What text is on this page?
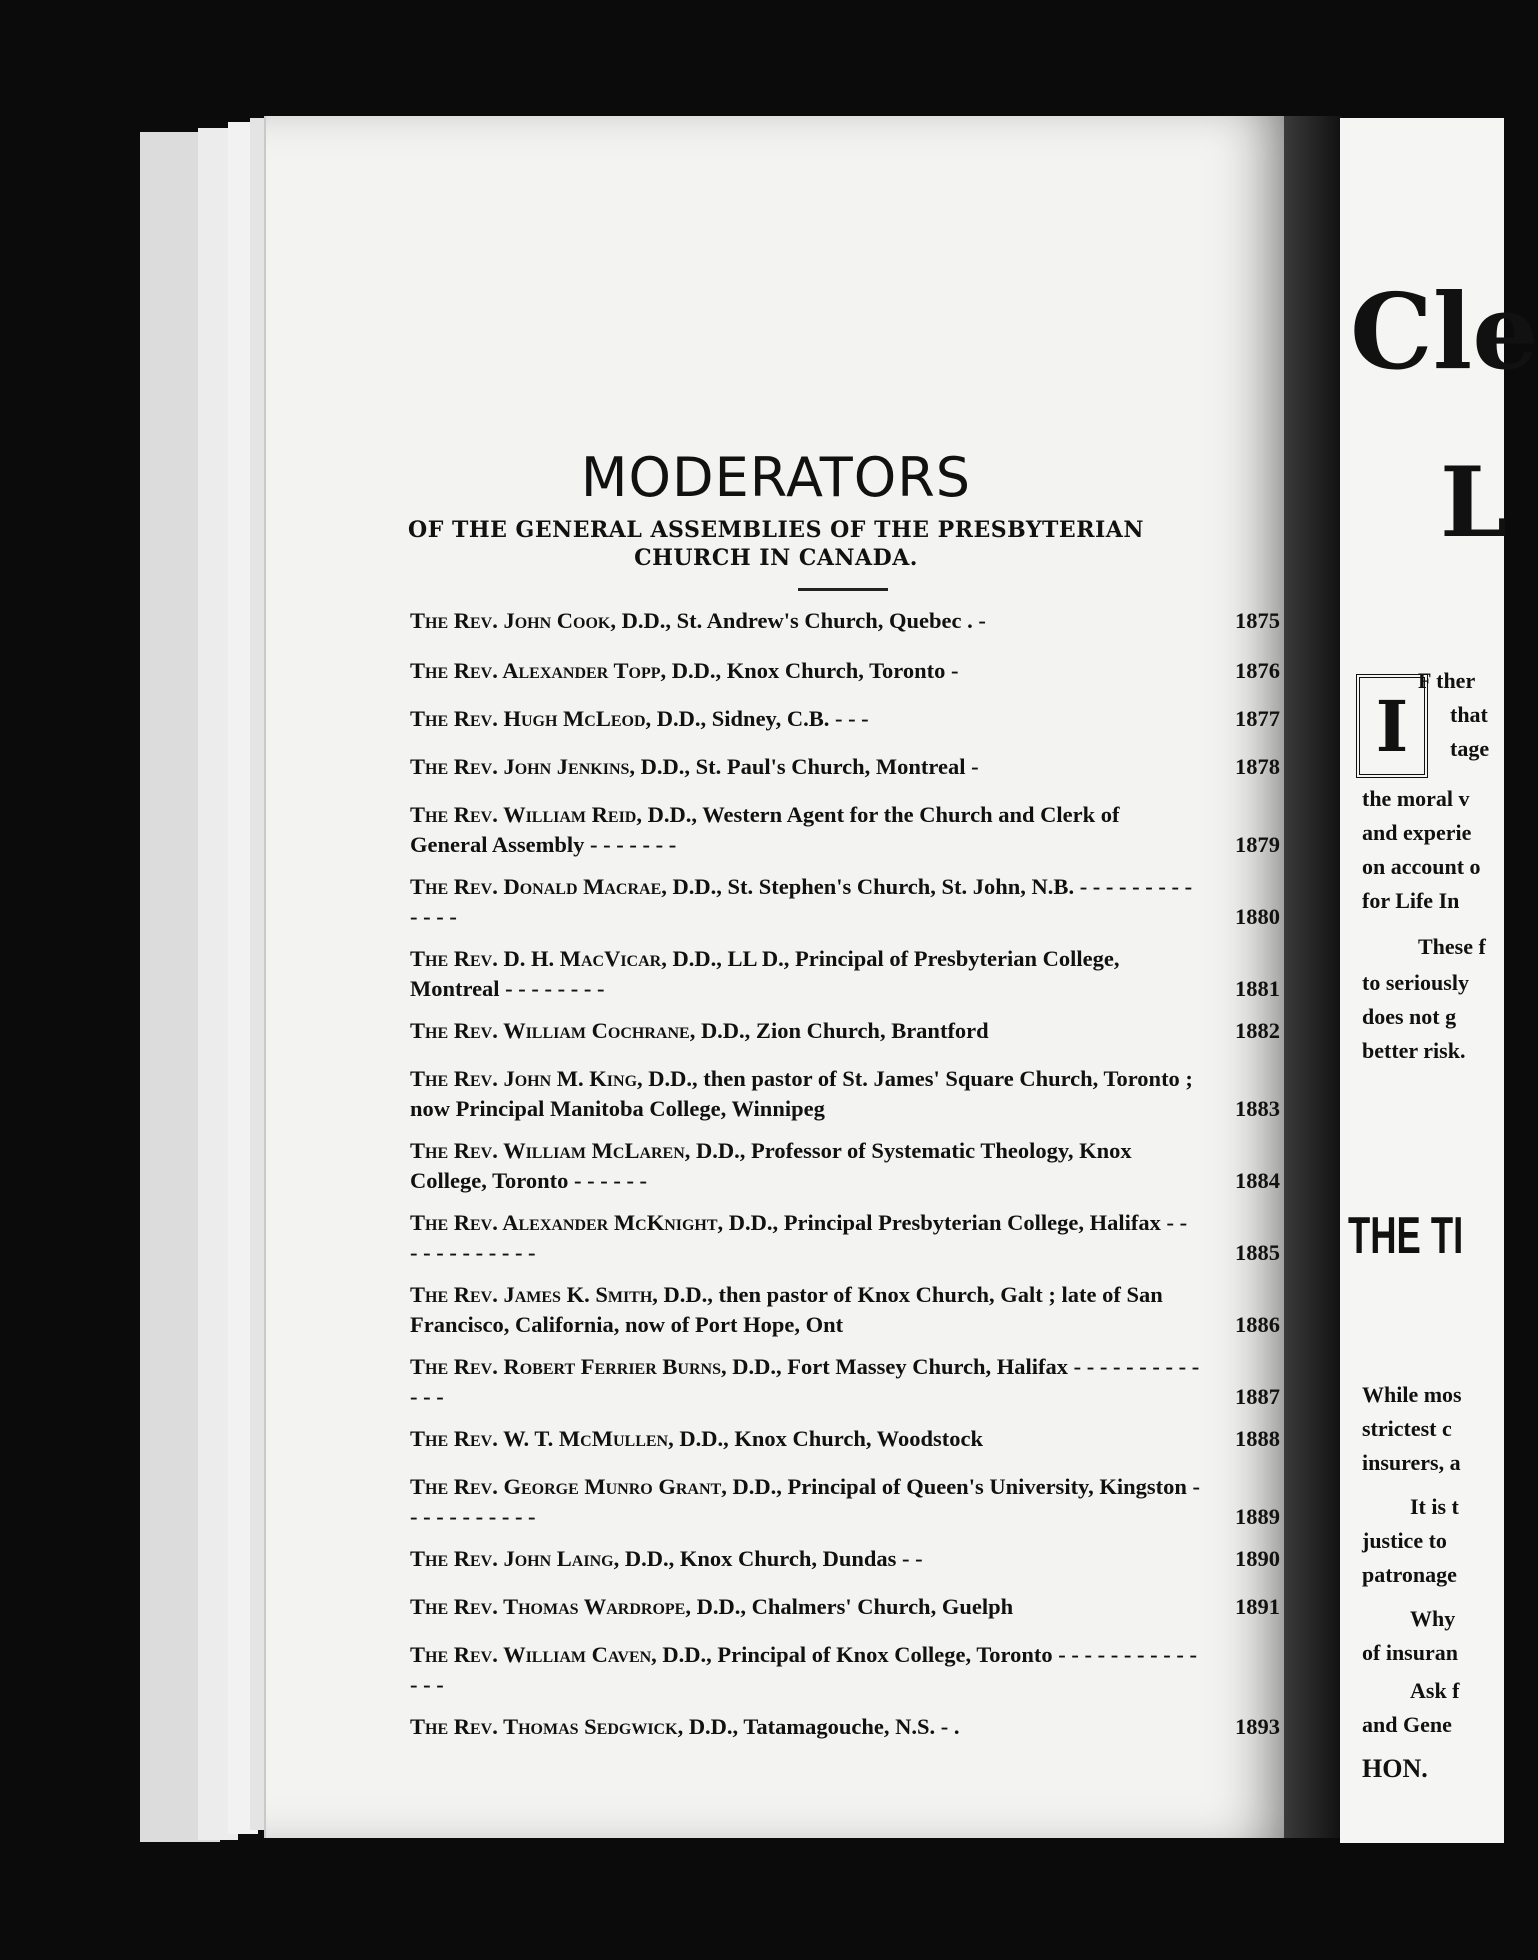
MODERATORS
OF THE GENERAL ASSEMBLIES OF THE PRESBYTERIAN
CHURCH IN CANADA.
The Rev. John Cook, D.D., St. Andrew's Church, Quebec . -	1875
The Rev. Alexander Topp, D.D., Knox Church, Toronto -	1876
The Rev. Hugh McLeod, D.D., Sidney, C.B. - - -	1877
The Rev. John Jenkins, D.D., St. Paul's Church, Montreal -	1878
The Rev. William Reid, D.D., Western Agent for the Church and Clerk of General Assembly - - - - - - -	1879
The Rev. Donald Macrae, D.D., St. Stephen's Church, St. John, N.B. - - - - - - - - - - - - -	1880
The Rev. D. H. MacVicar, D.D., LL D., Principal of Presbyterian College, Montreal - - - - - - - -	1881
The Rev. William Cochrane, D.D., Zion Church, Brantford	1882
The Rev. John M. King, D.D., then pastor of St. James' Square Church, Toronto ; now Principal Manitoba College, Winnipeg	1883
The Rev. William McLaren, D.D., Professor of Systematic Theology, Knox College, Toronto - - - - - -	1884
The Rev. Alexander McKnight, D.D., Principal Presbyterian College, Halifax - - - - - - - - - - - -	1885
The Rev. James K. Smith, D.D., then pastor of Knox Church, Galt ; late of San Francisco, California, now of Port Hope, Ont	1886
The Rev. Robert Ferrier Burns, D.D., Fort Massey Church, Halifax - - - - - - - - - - - - -	1887
The Rev. W. T. McMullen, D.D., Knox Church, Woodstock	1888
The Rev. George Munro Grant, D.D., Principal of Queen's University, Kingston - - - - - - - - - - -	1889
The Rev. John Laing, D.D., Knox Church, Dundas - -	1890
The Rev. Thomas Wardrope, D.D., Chalmers' Church, Guelph	1891
The Rev. William Caven, D.D., Principal of Knox College, Toronto - - - - - - - - - - - - - -
The Rev. Thomas Sedgwick, D.D., Tatamagouche, N.S. - .	1893
Cle
L
I
F ther
that
tage
the moral v
and experie
on account o
for Life In
These f
to seriously
does not g
better risk.
THE TI
While mos
strictest c
insurers, a
It is t
justice to
patronage
Why
of insuran
Ask f
and Gene
HON.
